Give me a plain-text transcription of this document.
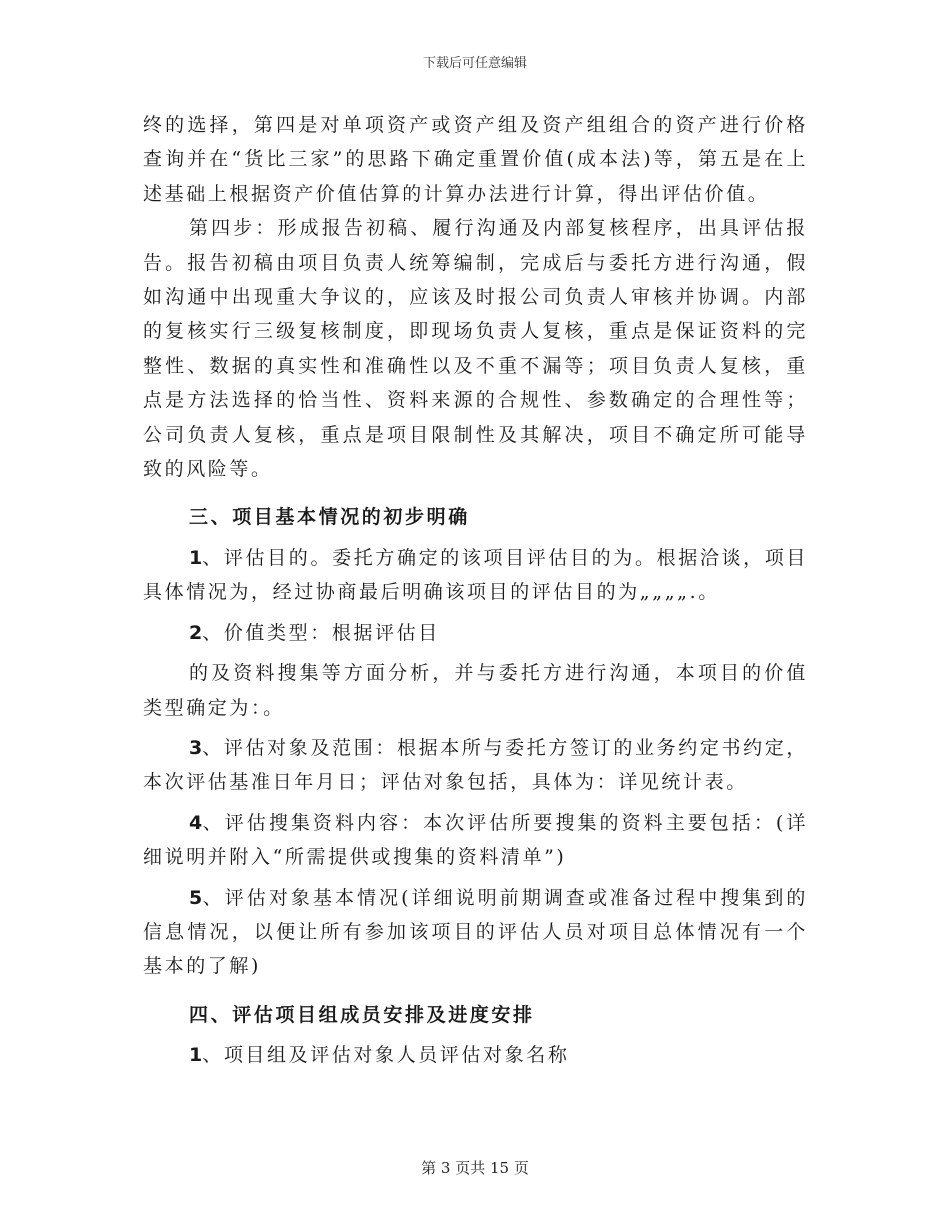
下载后可任意编辑

终的选择，第四是对单项资产或资产组及资产组组合的资产进行价格查询并在“货比三家”的思路下确定重置价值(成本法)等，第五是在上述基础上根据资产价值估算的计算办法进行计算，得出评估价值。

第四步：形成报告初稿、履行沟通及内部复核程序，出具评估报告。报告初稿由项目负责人统筹编制，完成后与委托方进行沟通，假如沟通中出现重大争议的，应该及时报公司负责人审核并协调。内部的复核实行三级复核制度，即现场负责人复核，重点是保证资料的完整性、数据的真实性和准确性以及不重不漏等；项目负责人复核，重点是方法选择的恰当性、资料来源的合规性、参数确定的合理性等；公司负责人复核，重点是项目限制性及其解决，项目不确定所可能导致的风险等。

三、项目基本情况的初步明确

1、评估目的。委托方确定的该项目评估目的为。根据洽谈，项目具体情况为，经过协商最后明确该项目的评估目的为„„„„.。

2、价值类型：根据评估目

的及资料搜集等方面分析，并与委托方进行沟通，本项目的价值类型确定为：。

3、评估对象及范围：根据本所与委托方签订的业务约定书约定，本次评估基准日年月日；评估对象包括，具体为：详见统计表。

4、评估搜集资料内容：本次评估所要搜集的资料主要包括：(详细说明并附入“所需提供或搜集的资料清单”)

5、评估对象基本情况(详细说明前期调查或准备过程中搜集到的信息情况，以便让所有参加该项目的评估人员对项目总体情况有一个基本的了解)

四、评估项目组成员安排及进度安排

1、项目组及评估对象人员评估对象名称

第 3 页共 15 页
